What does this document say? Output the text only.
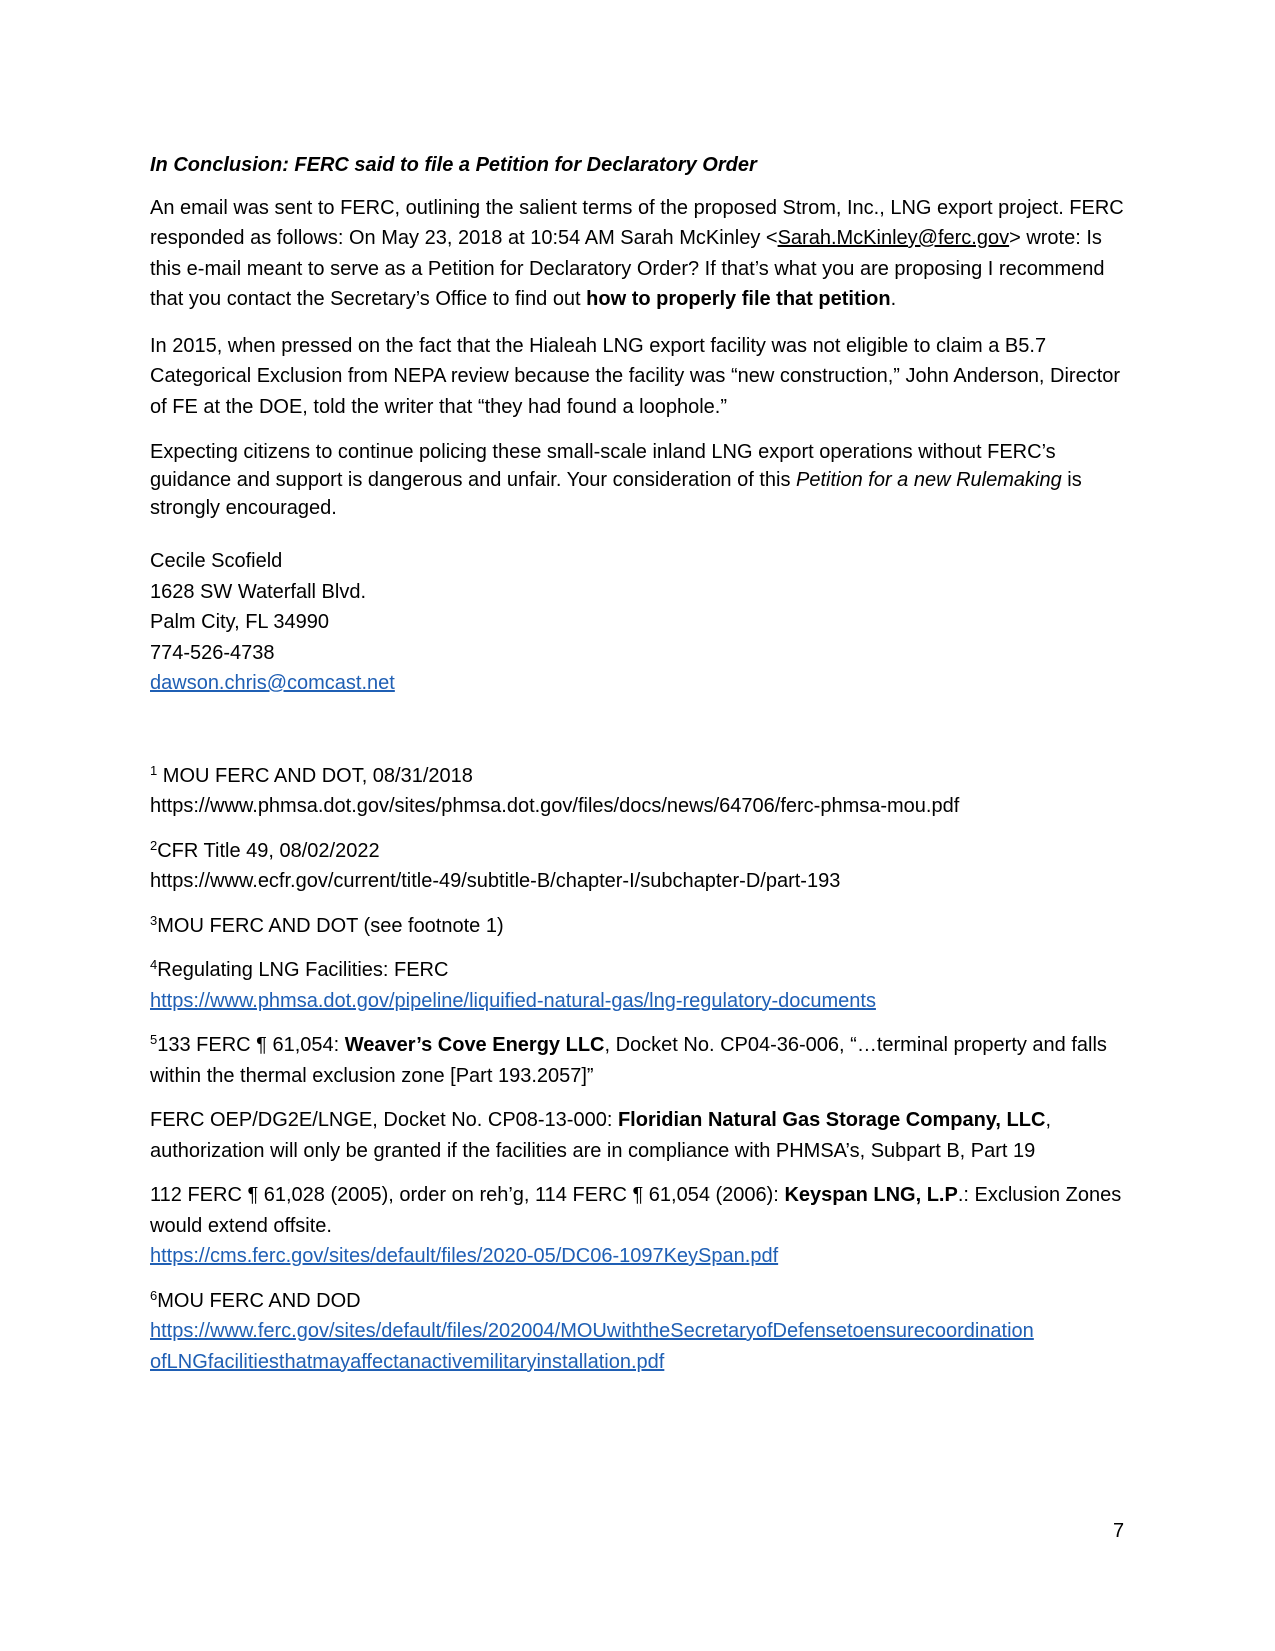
In Conclusion: FERC said to file a Petition for Declaratory Order

An email was sent to FERC, outlining the salient terms of the proposed Strom, Inc., LNG export project. FERC responded as follows: On May 23, 2018 at 10:54 AM Sarah McKinley <Sarah.McKinley@ferc.gov> wrote: Is this e-mail meant to serve as a Petition for Declaratory Order? If that’s what you are proposing I recommend that you contact the Secretary’s Office to find out how to properly file that petition.

In 2015, when pressed on the fact that the Hialeah LNG export facility was not eligible to claim a B5.7 Categorical Exclusion from NEPA review because the facility was “new construction,” John Anderson, Director of FE at the DOE, told the writer that “they had found a loophole.”

Expecting citizens to continue policing these small-scale inland LNG export operations without FERC’s guidance and support is dangerous and unfair. Your consideration of this Petition for a new Rulemaking is strongly encouraged.

Cecile Scofield
1628 SW Waterfall Blvd.
Palm City, FL 34990
774-526-4738
dawson.chris@comcast.net

$^1$ MOU FERC AND DOT, 08/31/2018
https://www.phmsa.dot.gov/sites/phmsa.dot.gov/files/docs/news/64706/ferc-phmsa-mou.pdf

$^2$CFR Title 49, 08/02/2022
https://www.ecfr.gov/current/title-49/subtitle-B/chapter-I/subchapter-D/part-193

$^3$MOU FERC AND DOT (see footnote 1)

$^4$Regulating LNG Facilities: FERC
https://www.phmsa.dot.gov/pipeline/liquified-natural-gas/lng-regulatory-documents

$^5$133 FERC ¶ 61,054: Weaver’s Cove Energy LLC, Docket No. CP04-36-006, “…terminal property and falls within the thermal exclusion zone [Part 193.2057]”

FERC OEP/DG2E/LNGE, Docket No. CP08-13-000: Floridian Natural Gas Storage Company, LLC, authorization will only be granted if the facilities are in compliance with PHMSA’s, Subpart B, Part 19

112 FERC ¶ 61,028 (2005), order on reh’g, 114 FERC ¶ 61,054 (2006): Keyspan LNG, L.P.: Exclusion Zones would extend offsite.
https://cms.ferc.gov/sites/default/files/2020-05/DC06-1097KeySpan.pdf

$^6$MOU FERC AND DOD
https://www.ferc.gov/sites/default/files/202004/MOUwiththeSecretaryofDefensetoensurecoordination
ofLNGfacilitiesthatmayaffectanactivemilitaryinstallation.pdf

7
